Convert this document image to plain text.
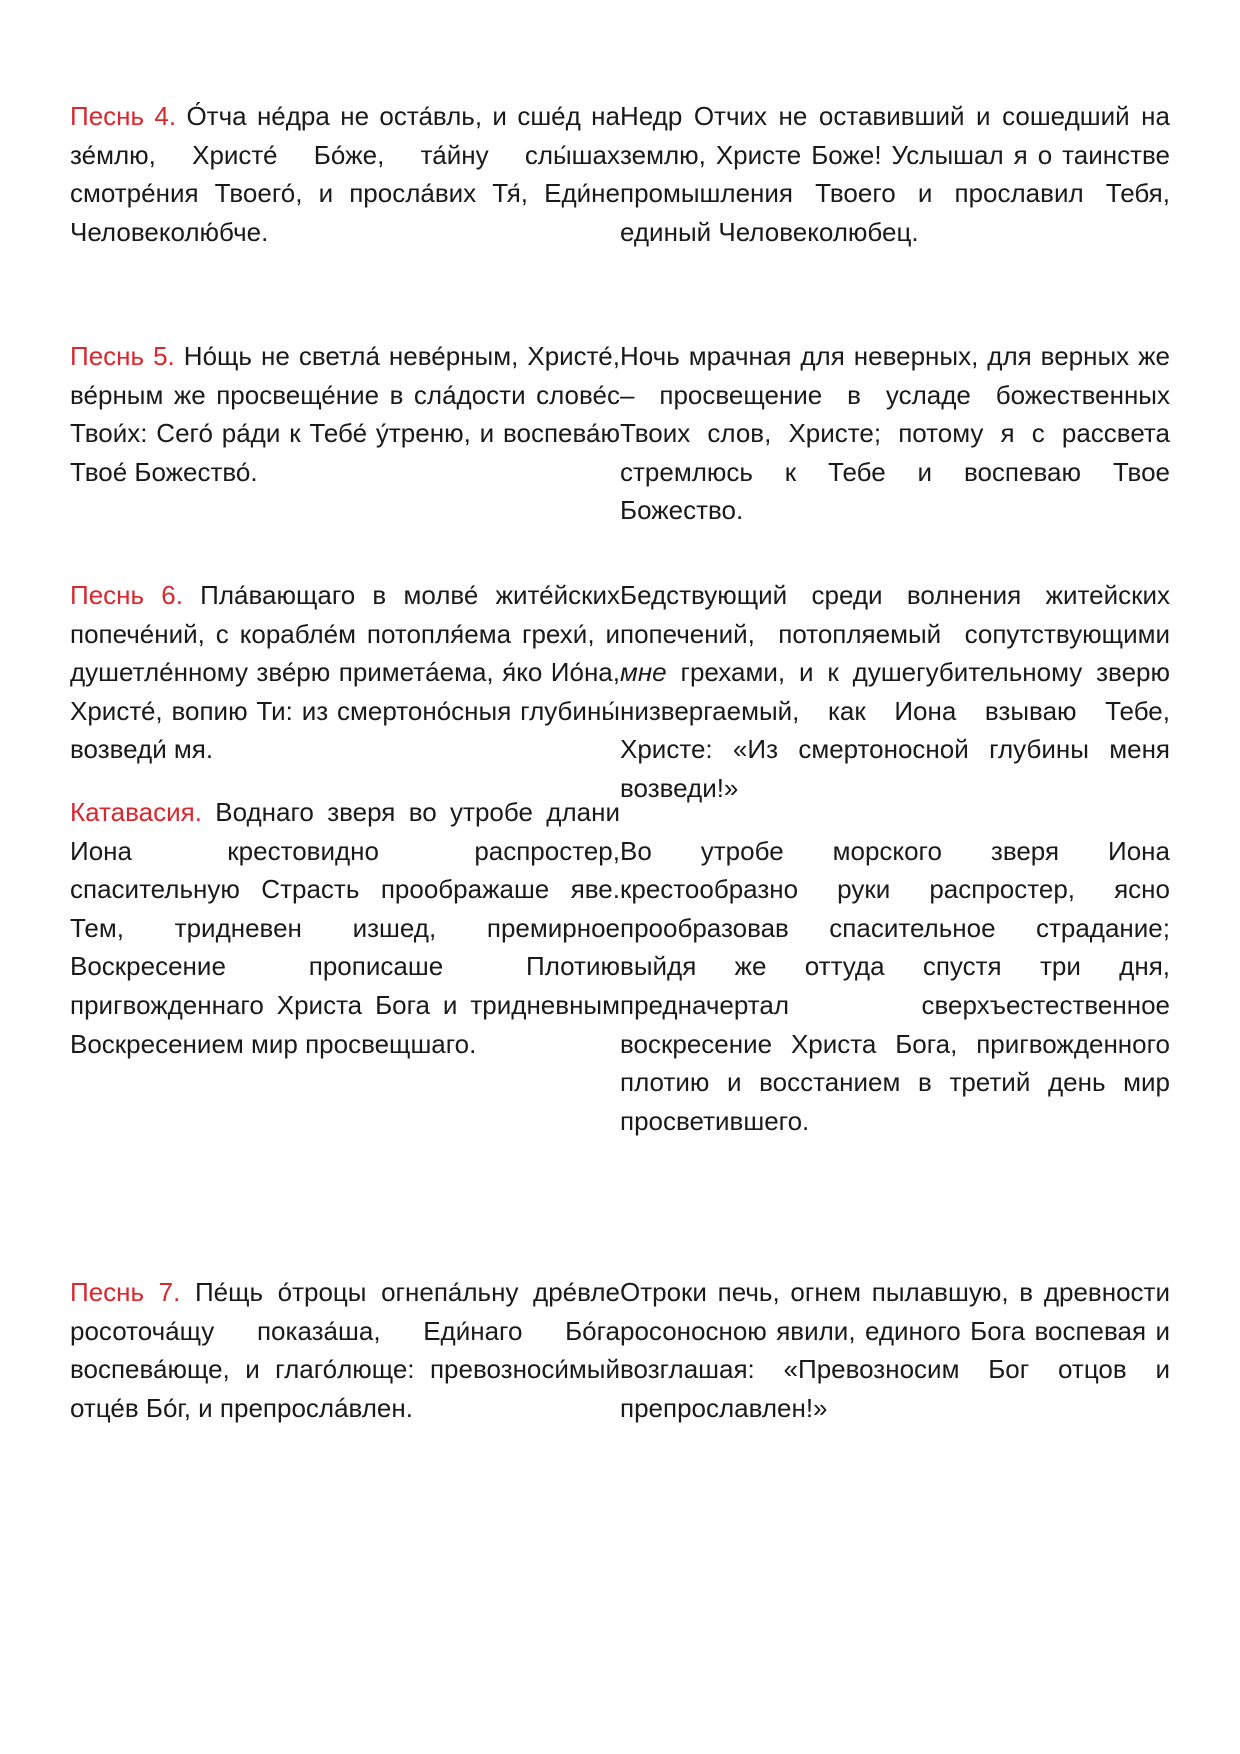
Песнь 4. О́тча не́дра не оста́вль, и сше́д на зе́млю, Христе́ Бо́же, та́йну слы́шах смотре́ния Твоего́, и просла́вих Тя́, Еди́не Человеколю́бче.

Недр Отчих не оставивший и сошедший на землю, Христе Боже! Услышал я о таинстве промышления Твоего и прославил Тебя, единый Человеколюбец.

Песнь 5. Но́щь не светла́ неве́рным, Христе́, ве́рным же просвеще́ние в сла́дости слове́с Твои́х: Сего́ ра́ди к Тебе́ у́треню, и воспева́ю Твое́ Божество́.

Ночь мрачная для неверных, для верных же – просвещение в усладе божественных Твоих слов, Христе; потому я с рассвета стремлюсь к Тебе и воспеваю Твое Божество.

Песнь 6. Пла́вающаго в молве́ жите́йских попече́ний, с корабле́м потопля́ема грехи́, и душетле́нному зве́рю приметáема, я́ко Ио́на, Христе́, вопию Ти: из смертоно́сныя глубины́ возведи́ мя.

Катавасия. Воднаго зверя во утробе длани Иона крестовидно распростер, спасительную Страсть проображаше яве. Тем, тридневен изшед, премирное Воскресение прописаше Плотию пригвожденнаго Христа Бога и тридневным Воскресением мир просвещшаго.

Бедствующий среди волнения житейских попечений, потопляемый сопутствующими мне грехами, и к душегубительному зверю низвергаемый, как Иона взываю Тебе, Христе: «Из смертоносной глубины меня возведи!»

Во утробе морского зверя Иона крестообразно руки распростер, ясно прообразовав спасительное страдание; выйдя же оттуда спустя три дня, предначертал сверхъестественное воскресение Христа Бога, пригвожденного плотию и восстанием в третий день мир просветившего.

Песнь 7. Пе́щь о́троцы огнепа́льну дре́вле росоточа́щу показа́ша, Еди́наго Бо́га воспева́юще, и глаго́люще: превозноси́мый отце́в Бо́г, и препрослáвлен.

Отроки печь, огнем пылавшую, в древности росоносною явили, единого Бога воспевая и возглашая: «Превозносим Бог отцов и препрославлен!»
